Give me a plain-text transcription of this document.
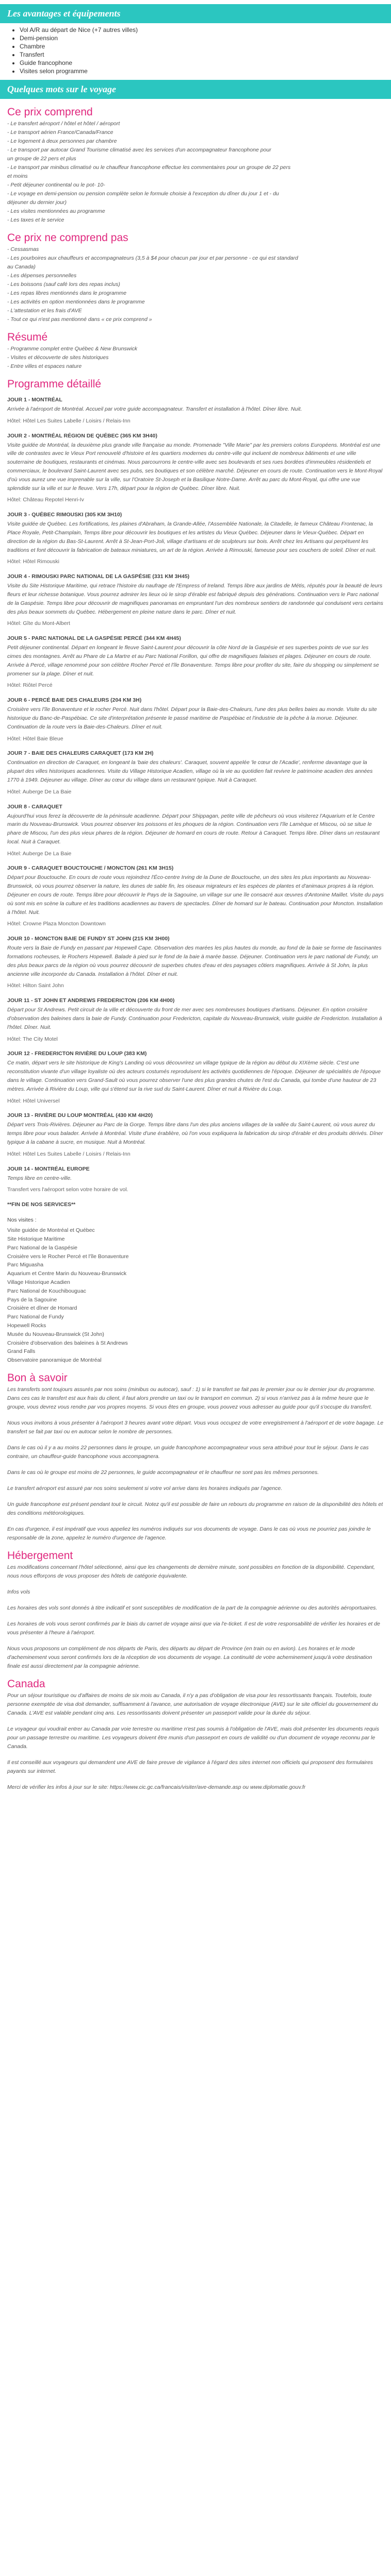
Les avantages et équipements
• Vol A/R au départ de Nice (+7 autres villes)
• Demi-pension
• Chambre
• Transfert
• Guide francophone
• Visites selon programme
Quelques mots sur le voyage
Ce prix comprend

- Le transfert aéroport / hôtel et hôtel / aéroport

- Le transport aérien France/Canada/France

- Le logement à deux personnes par chambre

- Le transport par autocar Grand Tourisme climatisé avec les services d'un accompagnateur francophone pour

un groupe de 22 pers et plus

- Le transport par minibus climatisé ou le chauffeur francophone effectue les commentaires pour un groupe de 22 pers

et moins

- Petit déjeuner continental ou le pot- 10-

- Le voyage en demi-pension ou pension complète selon le formule choisie à l'exception du dîner du jour 1 et - du

déjeuner du dernier jour)

- Les visites mentionnées au programme

- Les taxes et le service

Ce prix ne comprend pas

- Cessasmas

- Les pourboires aux chauffeurs et accompagnateurs (3,5 à $4 pour chacun par jour et par personne - ce qui est standard

au Canada)

- Les dépenses personnelles

- Les boissons (sauf café lors des repas inclus)

- Les repas libres mentionnés dans le programme

- Les activités en option mentionnées dans le programme

- L'attestation et les frais d'AVE

- Tout ce qui n'est pas mentionné dans « ce prix comprend »

Résumé

- Programme complet entre Québec & New Brunswick

- Visites et découverte de sites historiques

- Entre villes et espaces nature

Programme détaillé

JOUR 1 - MONTRÉAL

Arrivée à l'aéroport de Montréal. Accueil par votre guide accompagnateur. Transfert et installation à l'hôtel. Dîner libre. Nuit.

Hôtel: Hôtel Les Suites Labelle / Loisirs / Relais-Inn

JOUR 2 - MONTRÉAL RÉGION DE QUÉBEC (365 KM 3H40)

Visite guidée de Montréal, la deuxième plus grande ville française au monde. Promenade "Ville Marie" par les premiers colons Européens. Montréal est une ville de contrastes avec le Vieux Port renouvelé d'histoire et les quartiers modernes du centre-ville qui incluent de nombreux bâtiments et une ville souterraine de boutiques, restaurants et cinémas. Nous parcourrons le centre-ville avec ses boulevards et ses rues bordées d'immeubles résidentiels et commerciaux, le boulevard Saint-Laurent avec ses pubs, ses boutiques et son célèbre marché. Déjeuner en cours de route. Continuation vers le Mont-Royal d'où vous aurez une vue imprenable sur la ville, sur l'Oratoire St-Joseph et la Basilique Notre-Dame. Arrêt au parc du Mont-Royal, qui offre une vue splendide sur la ville et sur le fleuve. Vers 17h, départ pour la région de Québec. Dîner libre. Nuit.

Hôtel: Château Repotel Henri-Iv

JOUR 3 - QUÉBEC RIMOUSKI (305 KM 3H10)

Visite guidée de Québec. Les fortifications, les plaines d'Abraham, la Grande-Allée, l'Assemblée Nationale, la Citadelle, le fameux Château Frontenac, la Place Royale, Petit-Champlain, Temps libre pour découvrir les boutiques et les artistes du Vieux Québec. Déjeuner dans le Vieux-Québec. Départ en direction de la région du Bas-St-Laurent. Arrêt à St-Jean-Port-Joli, village d'artisans et de sculpteurs sur bois. Arrêt chez les Artisans qui perpétuent les traditions et font découvrir la fabrication de bateaux miniatures, un art de la région. Arrivée à Rimouski, fameuse pour ses couchers de soleil. Dîner et nuit.

Hôtel: Hôtel Rimouski

JOUR 4 - RIMOUSKI PARC NATIONAL DE LA GASPÉSIE (331 KM 3H45)

Visite du Site Historique Maritime, qui retrace l'histoire du naufrage de l'Empress of Ireland. Temps libre aux jardins de Métis, réputés pour la beauté de leurs fleurs et leur richesse botanique. Vous pourrez admirer les lieux où le sirop d'érable est fabriqué depuis des générations. Continuation vers le Parc national de la Gaspésie. Temps libre pour découvrir de magnifiques panoramas en empruntant l'un des nombreux sentiers de randonnée qui conduisent vers certains des plus beaux sommets du Québec. Hébergement en pleine nature dans le parc. Dîner et nuit.

Hôtel: Gîte du Mont-Albert

JOUR 5 - PARC NATIONAL DE LA GASPÉSIE PERCÉ (344 KM 4H45)

Petit déjeuner continental. Départ en longeant le fleuve Saint-Laurent pour découvrir la côte Nord de la Gaspésie et ses superbes points de vue sur les cimes des montagnes. Arrêt au Phare de La Martre et au Parc National Forillon, qui offre de magnifiques falaises et plages. Déjeuner en cours de route. Arrivée à Percé, village renommé pour son célèbre Rocher Percé et l'île Bonaventure. Temps libre pour profiter du site, faire du shopping ou simplement se promener sur la plage. Dîner et nuit.

Hôtel: Riôtel Percé

JOUR 6 - PERCÉ BAIE DES CHALEURS (204 KM 3H)

Croisière vers l'île Bonaventure et le rocher Percé. Nuit dans l'hôtel. Départ pour la Baie-des-Chaleurs, l'une des plus belles baies au monde. Visite du site historique du Banc-de-Paspébiac. Ce site d'interprétation présente le passé maritime de Paspébiac et l'industrie de la pêche à la morue. Déjeuner. Continuation de la route vers la Baie-des-Chaleurs. Dîner et nuit.

Hôtel: Hôtel Baie Bleue

JOUR 7 - BAIE DES CHALEURS CARAQUET (173 KM 2H)

Continuation en direction de Caraquet, en longeant la 'baie des chaleurs'. Caraquet, souvent appelée 'le cœur de l'Acadie', renferme davantage que la plupart des villes historiques acadiennes. Visite du Village Historique Acadien, village où la vie au quotidien fait revivre le patrimoine acadien des années 1770 à 1949. Déjeuner au village. Dîner au cœur du village dans un restaurant typique. Nuit à Caraquet.

Hôtel: Auberge De La Baie

JOUR 8 - CARAQUET

Aujourd'hui vous ferez la découverte de la péninsule acadienne. Départ pour Shippagan, petite ville de pêcheurs où vous visiterez l'Aquarium et le Centre marin du Nouveau-Brunswick. Vous pourrez observer les poissons et les phoques de la région. Continuation vers l'île Lamèque et Miscou, où se situe le phare de Miscou, l'un des plus vieux phares de la région. Déjeuner de homard en cours de route. Retour à Caraquet. Temps libre. Dîner dans un restaurant local. Nuit à Caraquet.

Hôtel: Auberge De La Baie

JOUR 9 - CARAQUET BOUCTOUCHE / MONCTON (261 KM 3H15)

Départ pour Bouctouche. En cours de route vous rejoindrez l'Éco-centre Irving de la Dune de Bouctouche, un des sites les plus importants au Nouveau-Brunswick, où vous pourrez observer la nature, les dunes de sable fin, les oiseaux migrateurs et les espèces de plantes et d'animaux propres à la région. Déjeuner en cours de route. Temps libre pour découvrir le Pays de la Sagouine, un village sur une île consacré aux œuvres d'Antonine Maillet. Visite du pays où sont mis en scène la culture et les traditions acadiennes au travers de spectacles. Dîner de homard sur le bateau. Continuation pour Moncton. Installation à l'hôtel. Nuit.

Hôtel: Crowne Plaza Moncton Downtown

JOUR 10 - MONCTON BAIE DE FUNDY ST JOHN (215 KM 3H00)

Route vers la Baie de Fundy en passant par Hopewell Cape. Observation des marées les plus hautes du monde, au fond de la baie se forme de fascinantes formations rocheuses, le Rochers Hopewell. Balade à pied sur le fond de la baie à marée basse. Déjeuner. Continuation vers le parc national de Fundy, un des plus beaux parcs de la région où vous pourrez découvrir de superbes chutes d'eau et des paysages côtiers magnifiques. Arrivée à St John, la plus ancienne ville incorporée du Canada. Installation à l'hôtel. Dîner et nuit.

Hôtel: Hilton Saint John

JOUR 11 - ST JOHN ET ANDREWS FREDERICTON (206 KM 4H00)

Départ pour St Andrews. Petit circuit de la ville et découverte du front de mer avec ses nombreuses boutiques d'artisans. Déjeuner. En option croisière d'observation des baleines dans la baie de Fundy. Continuation pour Fredericton, capitale du Nouveau-Brunswick, visite guidée de Fredericton. Installation à l'hôtel. Dîner. Nuit.

Hôtel: The City Motel

JOUR 12 - FREDERICTON RIVIÈRE DU LOUP (383 KM)

Ce matin, départ vers le site historique de King's Landing où vous découvrirez un village typique de la région au début du XIXème siècle. C'est une reconstitution vivante d'un village loyaliste où des acteurs costumés reproduisent les activités quotidiennes de l'époque. Déjeuner de spécialités de l'époque dans le village. Continuation vers Grand-Sault où vous pourrez observer l'une des plus grandes chutes de l'est du Canada, qui tombe d'une hauteur de 23 mètres. Arrivée à Rivière du Loup, ville qui s'étend sur la rive sud du Saint-Laurent. Dîner et nuit à Rivière du Loup.

Hôtel: Hôtel Universel

JOUR 13 - RIVIÈRE DU LOUP MONTRÉAL (430 KM 4H20)

Départ vers Trois-Rivières. Déjeuner au Parc de la Gorge. Temps libre dans l'un des plus anciens villages de la vallée du Saint-Laurent, où vous aurez du temps libre pour vous balader. Arrivée à Montréal. Visite d'une érablière, où l'on vous expliquera la fabrication du sirop d'érable et des produits dérivés. Dîner typique à la cabane à sucre, en musique. Nuit à Montréal.

Hôtel: Hôtel Les Suites Labelle / Loisirs / Relais-Inn

JOUR 14 - MONTRÉAL EUROPE

Temps libre en centre-ville.

Transfert vers l'aéroport selon votre horaire de vol.

**FIN DE NOS SERVICES**

Nos visites :

Visite guidée de Montréal et Québec

Site Historique Maritime

Parc National de la Gaspésie

Croisière vers le Rocher Percé et l'île Bonaventure

Parc Miguasha

Aquarium et Centre Marin du Nouveau-Brunswick

Village Historique Acadien

Parc National de Kouchibouguac

Pays de la Sagouine

Croisière et dîner de Homard

Parc National de Fundy

Hopewell Rocks

Musée du Nouveau-Brunswick (St John)

Croisière d'observation des baleines à St Andrews

Grand Falls

Observatoire panoramique de Montréal

Bon à savoir

Les transferts sont toujours assurés par nos soins (minibus ou autocar), sauf : 1) si le transfert se fait pas le premier jour ou le dernier jour du programme. Dans ces cas le transfert est aux frais du client, il faut alors prendre un taxi ou le transport en commun. 2) si vous n'arrivez pas à la même heure que le groupe, vous devrez vous rendre par vos propres moyens. Si vous êtes en groupe, vous pouvez vous adresser au guide pour qu'il s'occupe du transfert.

Nous vous invitons à vous présenter à l'aéroport 3 heures avant votre départ. Vous vous occupez de votre enregistrement à l'aéroport et de votre bagage. Le transfert se fait par taxi ou en autocar selon le nombre de personnes.

Dans le cas où il y a au moins 22 personnes dans le groupe, un guide francophone accompagnateur vous sera attribué pour tout le séjour. Dans le cas contraire, un chauffeur-guide francophone vous accompagnera.

Dans le cas où le groupe est moins de 22 personnes, le guide accompagnateur et le chauffeur ne sont pas les mêmes personnes.

Le transfert aéroport est assuré par nos soins seulement si votre vol arrive dans les horaires indiqués par l'agence.

Un guide francophone est présent pendant tout le circuit. Notez qu'il est possible de faire un rebours du programme en raison de la disponibilité des hôtels et des conditions météorologiques.

En cas d'urgence, il est impératif que vous appeliez les numéros indiqués sur vos documents de voyage. Dans le cas où vous ne pourriez pas joindre le responsable de la zone, appelez le numéro d'urgence de l'agence.

Hébergement

Les modifications concernant l'hôtel sélectionné, ainsi que les changements de dernière minute, sont possibles en fonction de la disponibilité. Cependant, nous nous efforçons de vous proposer des hôtels de catégorie équivalente.

Infos vols

Les horaires des vols sont donnés à titre indicatif et sont susceptibles de modification de la part de la compagnie aérienne ou des autorités aéroportuaires.

Les horaires de vols vous seront confirmés par le biais du carnet de voyage ainsi que via l'e-ticket. Il est de votre responsabilité de vérifier les horaires et de vous présenter à l'heure à l'aéroport.

Nous vous proposons un complément de nos départs de Paris, des départs au départ de Province (en train ou en avion). Les horaires et le mode d'acheminement vous seront confirmés lors de la réception de vos documents de voyage. La continuité de votre acheminement jusqu'à votre destination finale est aussi directement par la compagnie aérienne.

Canada

Pour un séjour touristique ou d'affaires de moins de six mois au Canada, il n'y a pas d'obligation de visa pour les ressortissants français. Toutefois, toute personne exemptée de visa doit demander, suffisamment à l'avance, une autorisation de voyage électronique (AVE) sur le site officiel du gouvernement du Canada. L'AVE est valable pendant cinq ans. Les ressortissants doivent présenter un passeport valide pour la durée du séjour.

Le voyageur qui voudrait entrer au Canada par voie terrestre ou maritime n'est pas soumis à l'obligation de l'AVE, mais doit présenter les documents requis pour un passage terrestre ou maritime. Les voyageurs doivent être munis d'un passeport en cours de validité ou d'un document de voyage reconnu par le Canada.

Il est conseillé aux voyageurs qui demandent une AVE de faire preuve de vigilance à l'égard des sites internet non officiels qui proposent des formulaires payants sur internet.

Merci de vérifier les infos à jour sur le site: https://www.cic.gc.ca/francais/visiter/ave-demande.asp ou www.diplomatie.gouv.fr
